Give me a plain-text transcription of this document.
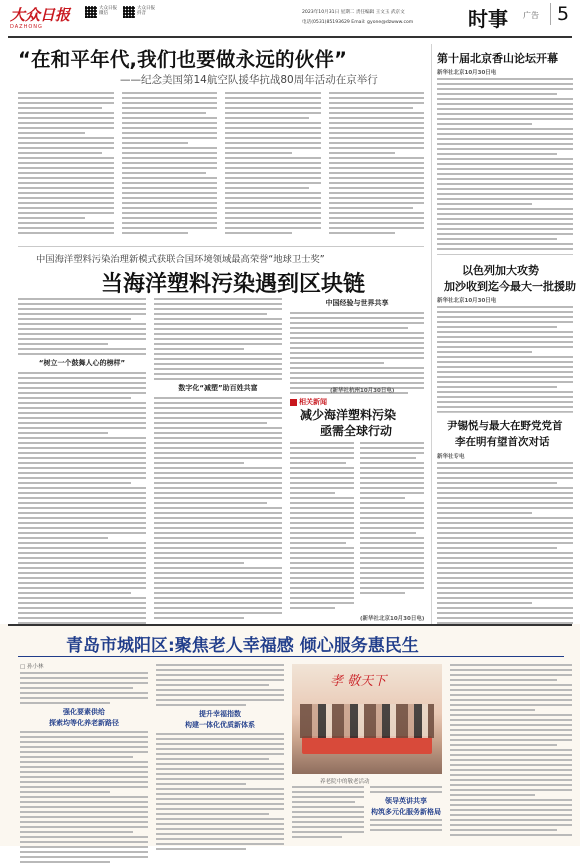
大众日报
DAZHONG
大众日报 微信
大众日报 抖音	2023年10月31日 星期二 责任编辑 王文玉 武京文
电话(0531)85193629 Email: gyone@dzwww.com	时事 广告 5
“在和平年代,我们也要做永远的伙伴”
——纪念美国第14航空队援华抗战80周年活动在京举行
中国海洋塑料污染治理新模式获联合国环境领域最高荣誉“地球卫士奖”
当海洋塑料污染遇到区块链
“树立一个鼓舞人心的榜样”
数字化“减塑”助百姓共富
中国经验与世界共享
(新华社杭州10月30日电)
相关新闻
减少海洋塑料污染
亟需全球行动
(新华社北京10月30日电)
第十届北京香山论坛开幕
新华社北京10月30日电
以色列加大攻势
加沙收到迄今最大一批援助
新华社北京10月30日电
尹锡悦与最大在野党党首
李在明有望首次对话
新华社专电
青岛市城阳区:聚焦老人幸福感 倾心服务惠民生
□ 孙小林
强化要素供给
探索均等化养老新路径
提升幸福指数
构建一体化优质新体系
孝 敬天下
养老院中的敬老活动
领导英讲共享
构筑多元化服务新格局
